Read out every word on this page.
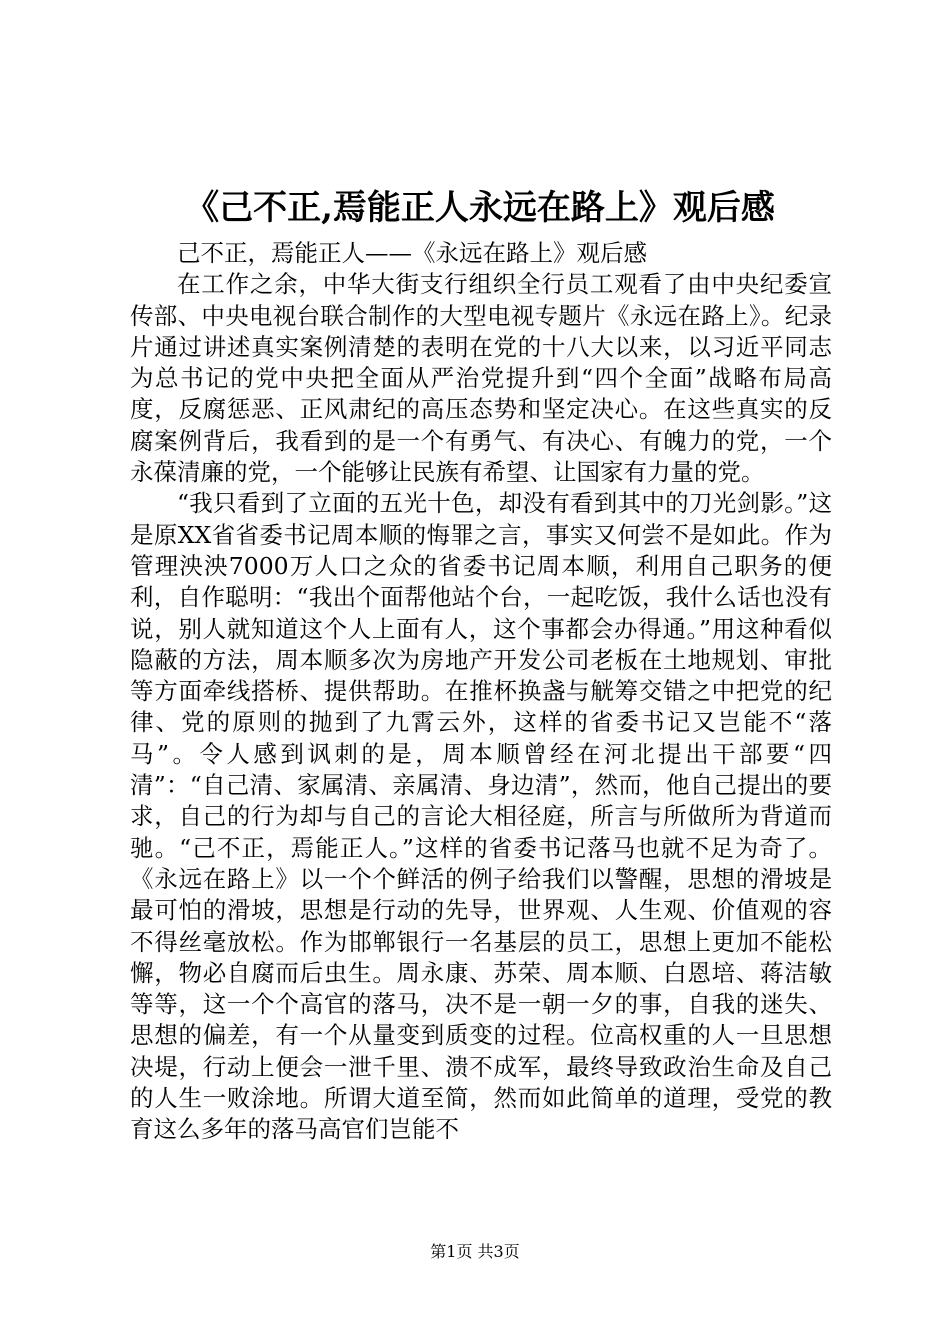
《己不正,焉能正人永远在路上》观后感

己不正，焉能正人——《永远在路上》观后感

在工作之余，中华大街支行组织全行员工观看了由中央纪委宣传部、中央电视台联合制作的大型电视专题片《永远在路上》。纪录片通过讲述真实案例清楚的表明在党的十八大以来，以习近平同志为总书记的党中央把全面从严治党提升到“四个全面”战略布局高度，反腐惩恶、正风肃纪的高压态势和坚定决心。在这些真实的反腐案例背后，我看到的是一个有勇气、有决心、有魄力的党，一个永葆清廉的党，一个能够让民族有希望、让国家有力量的党。

“我只看到了立面的五光十色，却没有看到其中的刀光剑影。”这是原XX省省委书记周本顺的悔罪之言，事实又何尝不是如此。作为管理泱泱7000万人口之众的省委书记周本顺，利用自己职务的便利，自作聪明：“我出个面帮他站个台，一起吃饭，我什么话也没有说，别人就知道这个人上面有人，这个事都会办得通。”用这种看似隐蔽的方法，周本顺多次为房地产开发公司老板在土地规划、审批等方面牵线搭桥、提供帮助。在推杯换盏与觥筹交错之中把党的纪律、党的原则的抛到了九霄云外，这样的省委书记又岂能不“落马”。令人感到讽刺的是，周本顺曾经在河北提出干部要“四清”：“自己清、家属清、亲属清、身边清”，然而，他自己提出的要求，自己的行为却与自己的言论大相径庭，所言与所做所为背道而驰。“己不正，焉能正人。”这样的省委书记落马也就不足为奇了。《永远在路上》以一个个鲜活的例子给我们以警醒，思想的滑坡是最可怕的滑坡，思想是行动的先导，世界观、人生观、价值观的容不得丝毫放松。作为邯郸银行一名基层的员工，思想上更加不能松懈，物必自腐而后虫生。周永康、苏荣、周本顺、白恩培、蒋洁敏等等，这一个个高官的落马，决不是一朝一夕的事，自我的迷失、思想的偏差，有一个从量变到质变的过程。位高权重的人一旦思想决堤，行动上便会一泄千里、溃不成军，最终导致政治生命及自己的人生一败涂地。所谓大道至简，然而如此简单的道理，受党的教育这么多年的落马高官们岂能不

第1页 共3页
